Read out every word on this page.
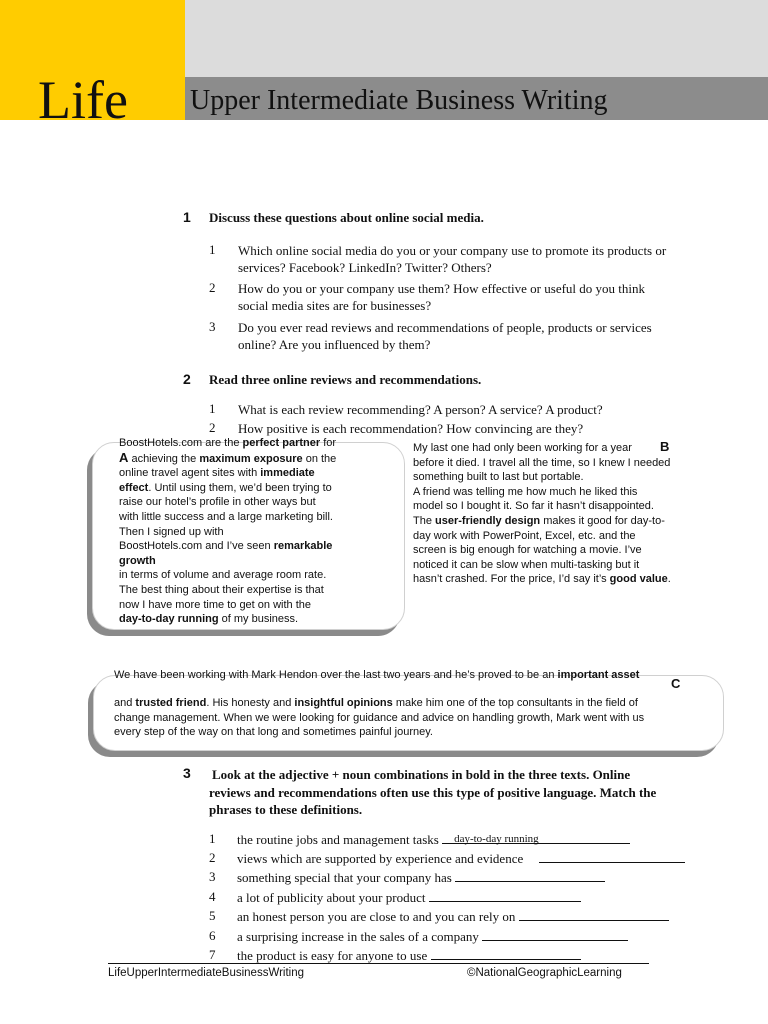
Life Upper Intermediate Business Writing
1 Discuss these questions about online social media.
1 Which online social media do you or your company use to promote its products or
services? Facebook? LinkedIn? Twitter? Others?
2 How do you or your company use them? How effective or useful do you think
social media sites are for businesses?
3 Do you ever read reviews and recommendations of people, products or services
online? Are you influenced by them?
2 Read three online reviews and recommendations.
1 What is each review recommending? A person? A service? A product?
2 How positive is each recommendation? How convincing are they?
BoostHotels.com are the perfect partner for
A achieving the maximum exposure on the
online travel agent sites with immediate
effect. Until using them, we’d been trying to
raise our hotel’s profile in other ways but
with little success and a large marketing bill.
Then I signed up with
BoostHotels.com and I’ve seen remarkable
growth
in terms of volume and average room rate.
The best thing about their expertise is that
now I have more time to get on with the
day-to-day running of my business.
My last one had only been working for a year
before it died. I travel all the time, so I knew I needed
something built to last but portable.
A friend was telling me how much he liked this
model so I bought it. So far it hasn’t disappointed.
The user-friendly design makes it good for day-to-
day work with PowerPoint, Excel, etc. and the
screen is big enough for watching a movie. I’ve
noticed it can be slow when multi-tasking but it
hasn’t crashed. For the price, I’d say it’s good value.
B
We have been working with Mark Hendon over the last two years and he’s proved to be an important asset
C
and trusted friend. His honesty and insightful opinions make him one of the top consultants in the field of
change management. When we were looking for guidance and advice on handling growth, Mark went with us
every step of the way on that long and sometimes painful journey.
3 Look at the adjective + noun combinations in bold in the three texts. Online
reviews and recommendations often use this type of positive language. Match the
phrases to these definitions.
1 the routine jobs and management tasks day-to-day running
2 views which are supported by experience and evidence
3 something special that your company has
4 a lot of publicity about your product
5 an honest person you are close to and you can rely on
6 a surprising increase in the sales of a company
7 the product is easy for anyone to use
LifeUpperIntermediateBusinessWriting	©NationalGeographicLearning
